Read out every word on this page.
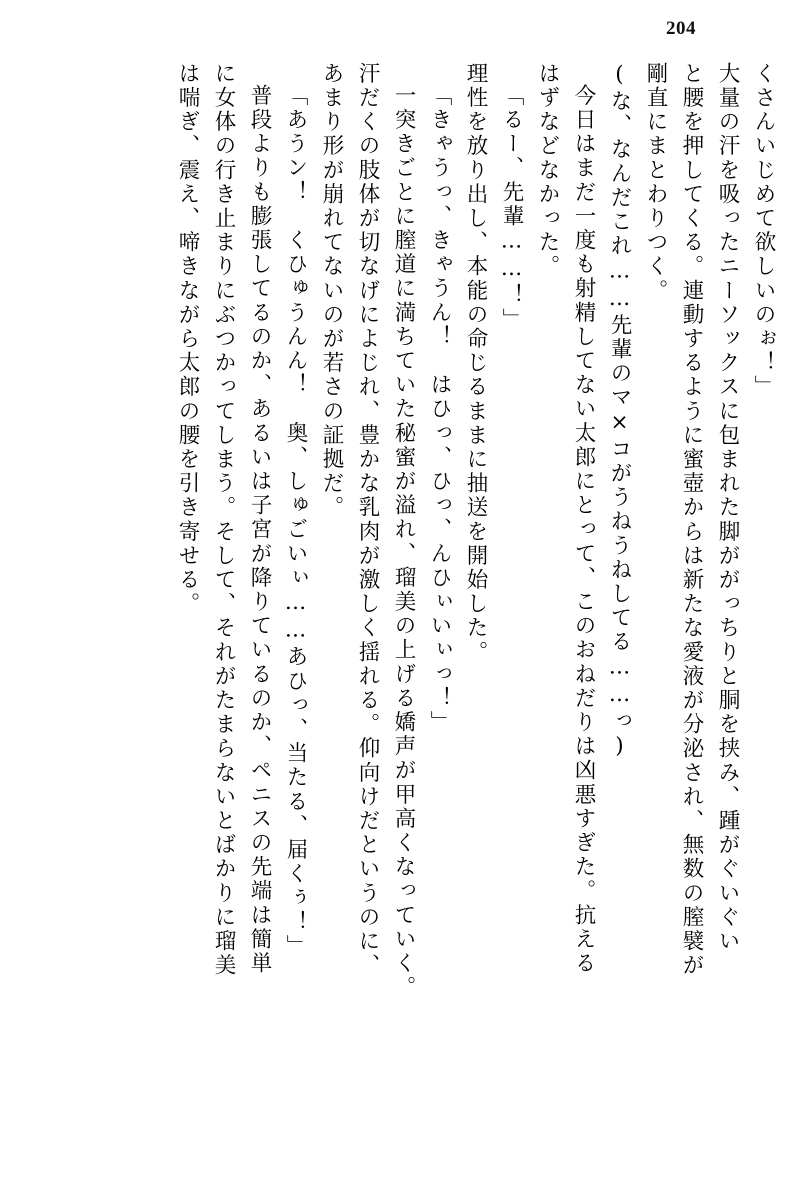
204
くさんいじめて欲しいのぉ！」
大量の汗を吸ったニーソックスに包まれた脚ががっちりと胴を挟み、踵がぐいぐい
と腰を押してくる。連動するように蜜壺からは新たな愛液が分泌され、無数の膣襞が
剛直にまとわりつく。
(な、なんだこれ……先輩のマ×コがうねうねしてる……っ)
今日はまだ一度も射精してない太郎にとって、このおねだりは凶悪すぎた。抗える
はずなどなかった。
「るー、先輩……！」
理性を放り出し、本能の命じるままに抽送を開始した。
「きゃうっ、きゃうん！　はひっ、ひっ、んひぃいぃっ！」
一突きごとに膣道に満ちていた秘蜜が溢れ、瑠美の上げる嬌声が甲高くなっていく。
汗だくの肢体が切なげによじれ、豊かな乳肉が激しく揺れる。仰向けだというのに、
あまり形が崩れてないのが若さの証拠だ。
「あうン！　くひゅうんん！　奥、しゅごいぃ……あひっ、当たる、届くぅ！」
普段よりも膨張してるのか、あるいは子宮が降りているのか、ペニスの先端は簡単
に女体の行き止まりにぶつかってしまう。そして、それがたまらないとばかりに瑠美
は喘ぎ、震え、啼きながら太郎の腰を引き寄せる。
